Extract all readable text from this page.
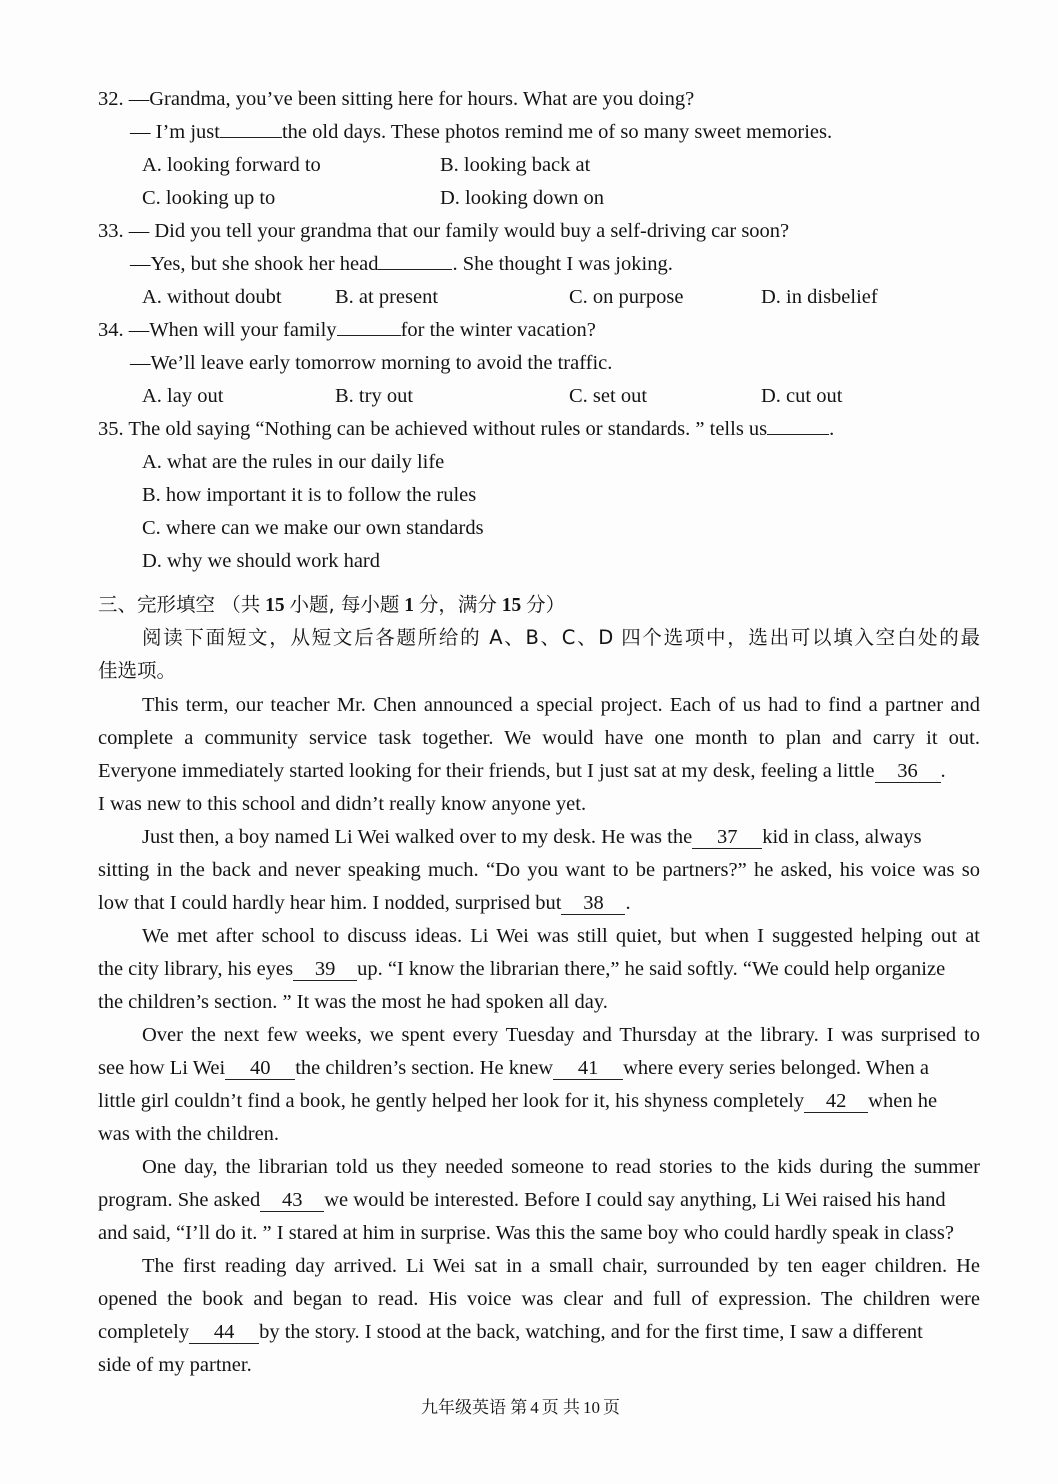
32. —Grandma, you’ve been sitting here for hours. What are you doing?
— I’m just	the old days. These photos remind me of so many sweet memories.
A. looking forward to	B. looking back at
C. looking up to	D. looking down on
33. — Did you tell your grandma that our family would buy a self-driving car soon?
—Yes, but she shook her head	. She thought I was joking.
A. without doubt	B. at present	C. on purpose	D. in disbelief
34. —When will your family	for the winter vacation?
—We’ll leave early tomorrow morning to avoid the traffic.
A. lay out	B. try out	C. set out	D. cut out
35. The old saying “Nothing can be achieved without rules or standards. ” tells us	.
A. what are the rules in our daily life
B. how important it is to follow the rules
C. where can we make our own standards
D. why we should work hard
三、完形填空 （共 15 小题, 每小题 1 分，满分 15 分）
阅读下面短文，从短文后各题所给的 A、B、C、D 四个选项中，选出可以填入空白处的最
佳选项。
This term, our teacher Mr. Chen announced a special project. Each of us had to find a partner and
complete a community service task together. We would have one month to plan and carry it out.
Everyone immediately started looking for their friends, but I just sat at my desk, feeling a little 36 .
I was new to this school and didn’t really know anyone yet.
Just then, a boy named Li Wei walked over to my desk. He was the 37 kid in class, always
sitting in the back and never speaking much. “Do you want to be partners?” he asked, his voice was so
low that I could hardly hear him. I nodded, surprised but 38 .
We met after school to discuss ideas. Li Wei was still quiet, but when I suggested helping out at
the city library, his eyes 39 up. “I know the librarian there,” he said softly. “We could help organize
the children’s section. ” It was the most he had spoken all day.
Over the next few weeks, we spent every Tuesday and Thursday at the library. I was surprised to
see how Li Wei 40 the children’s section. He knew 41 where every series belonged. When a
little girl couldn’t find a book, he gently helped her look for it, his shyness completely 42 when he
was with the children.
One day, the librarian told us they needed someone to read stories to the kids during the summer
program. She asked 43 we would be interested. Before I could say anything, Li Wei raised his hand
and said, “I’ll do it. ” I stared at him in surprise. Was this the same boy who could hardly speak in class?
The first reading day arrived. Li Wei sat in a small chair, surrounded by ten eager children. He
opened the book and began to read. His voice was clear and full of expression. The children were
completely 44 by the story. I stood at the back, watching, and for the first time, I saw a different
side of my partner.
九年级英语 第 4 页 共 10 页
